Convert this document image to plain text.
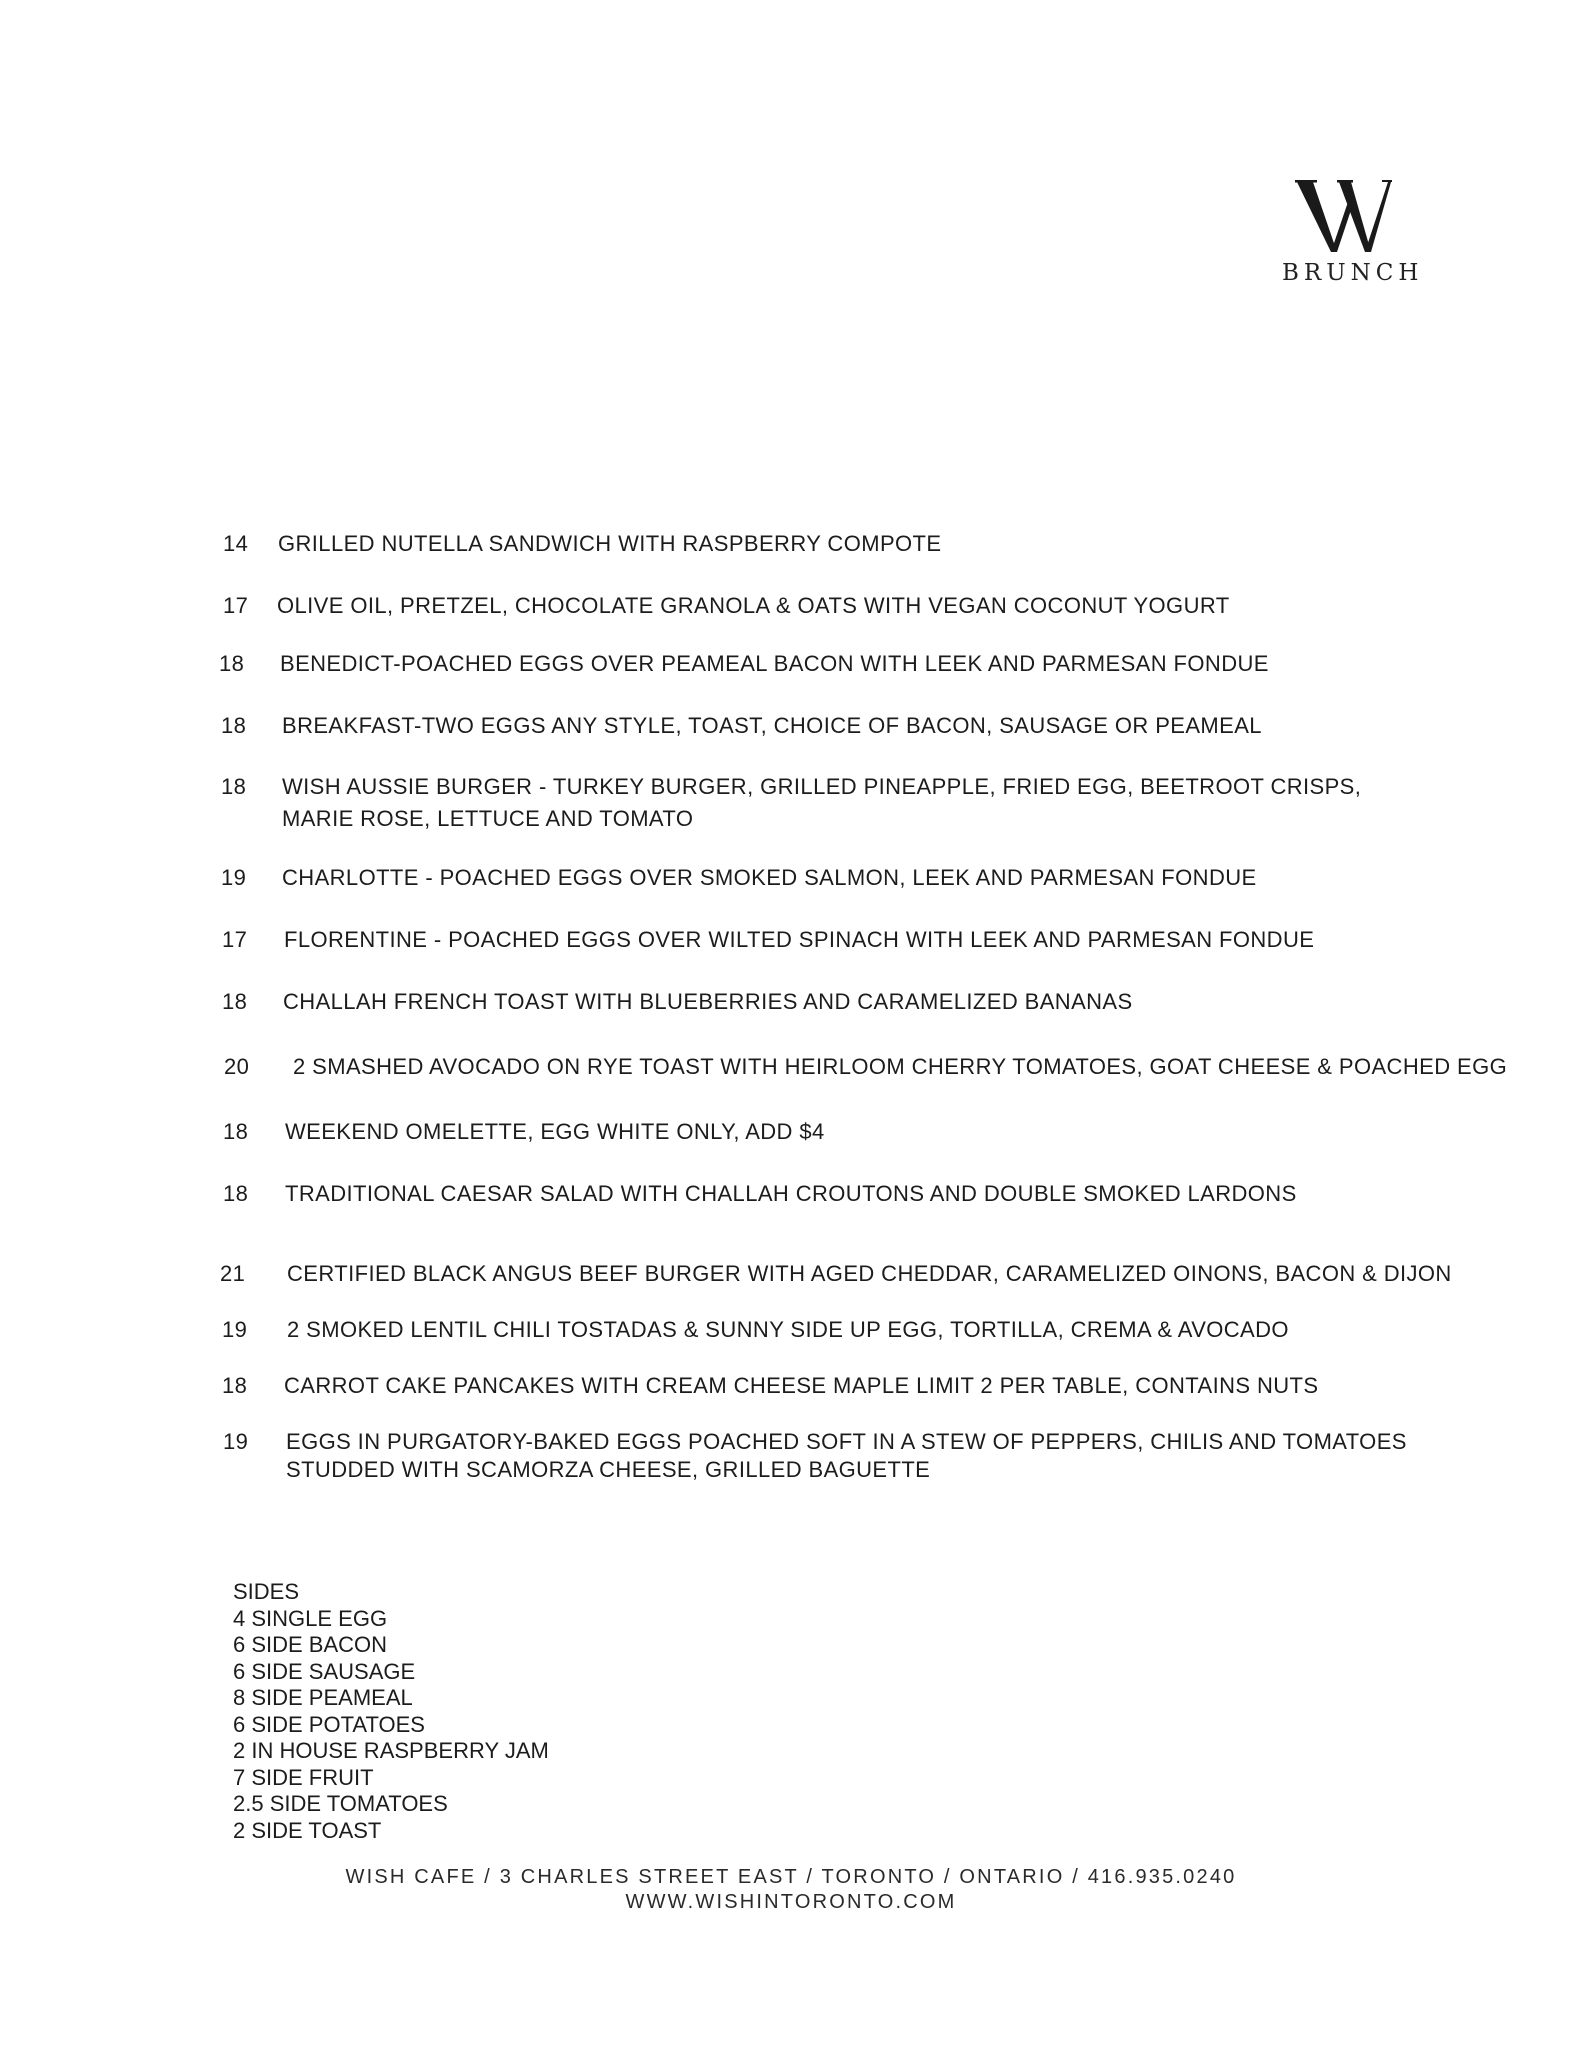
BRUNCH
14 GRILLED NUTELLA SANDWICH WITH RASPBERRY COMPOTE
17 OLIVE OIL, PRETZEL, CHOCOLATE GRANOLA & OATS WITH VEGAN COCONUT YOGURT
18 BENEDICT-POACHED EGGS OVER PEAMEAL BACON WITH LEEK AND PARMESAN FONDUE
18 BREAKFAST-TWO EGGS ANY STYLE, TOAST, CHOICE OF BACON, SAUSAGE OR PEAMEAL
18 WISH AUSSIE BURGER - TURKEY BURGER, GRILLED PINEAPPLE, FRIED EGG, BEETROOT CRISPS,
MARIE ROSE, LETTUCE AND TOMATO
19 CHARLOTTE - POACHED EGGS OVER SMOKED SALMON, LEEK AND PARMESAN FONDUE
17 FLORENTINE - POACHED EGGS OVER WILTED SPINACH WITH LEEK AND PARMESAN FONDUE
18 CHALLAH FRENCH TOAST WITH BLUEBERRIES AND CARAMELIZED BANANAS
20 2 SMASHED AVOCADO ON RYE TOAST WITH HEIRLOOM CHERRY TOMATOES, GOAT CHEESE & POACHED EGG
18 WEEKEND OMELETTE, EGG WHITE ONLY, ADD $4
18 TRADITIONAL CAESAR SALAD WITH CHALLAH CROUTONS AND DOUBLE SMOKED LARDONS
21 CERTIFIED BLACK ANGUS BEEF BURGER WITH AGED CHEDDAR, CARAMELIZED OINONS, BACON & DIJON
19 2 SMOKED LENTIL CHILI TOSTADAS & SUNNY SIDE UP EGG, TORTILLA, CREMA & AVOCADO
18 CARROT CAKE PANCAKES WITH CREAM CHEESE MAPLE LIMIT 2 PER TABLE, CONTAINS NUTS
19 EGGS IN PURGATORY-BAKED EGGS POACHED SOFT IN A STEW OF PEPPERS, CHILIS AND TOMATOES
STUDDED WITH SCAMORZA CHEESE, GRILLED BAGUETTE
SIDES
4 SINGLE EGG
6 SIDE BACON
6 SIDE SAUSAGE
8 SIDE PEAMEAL
6 SIDE POTATOES
2 IN HOUSE RASPBERRY JAM
7 SIDE FRUIT
2.5 SIDE TOMATOES
2 SIDE TOAST
WISH CAFE / 3 CHARLES STREET EAST / TORONTO / ONTARIO / 416.935.0240
WWW.WISHINTORONTO.COM
